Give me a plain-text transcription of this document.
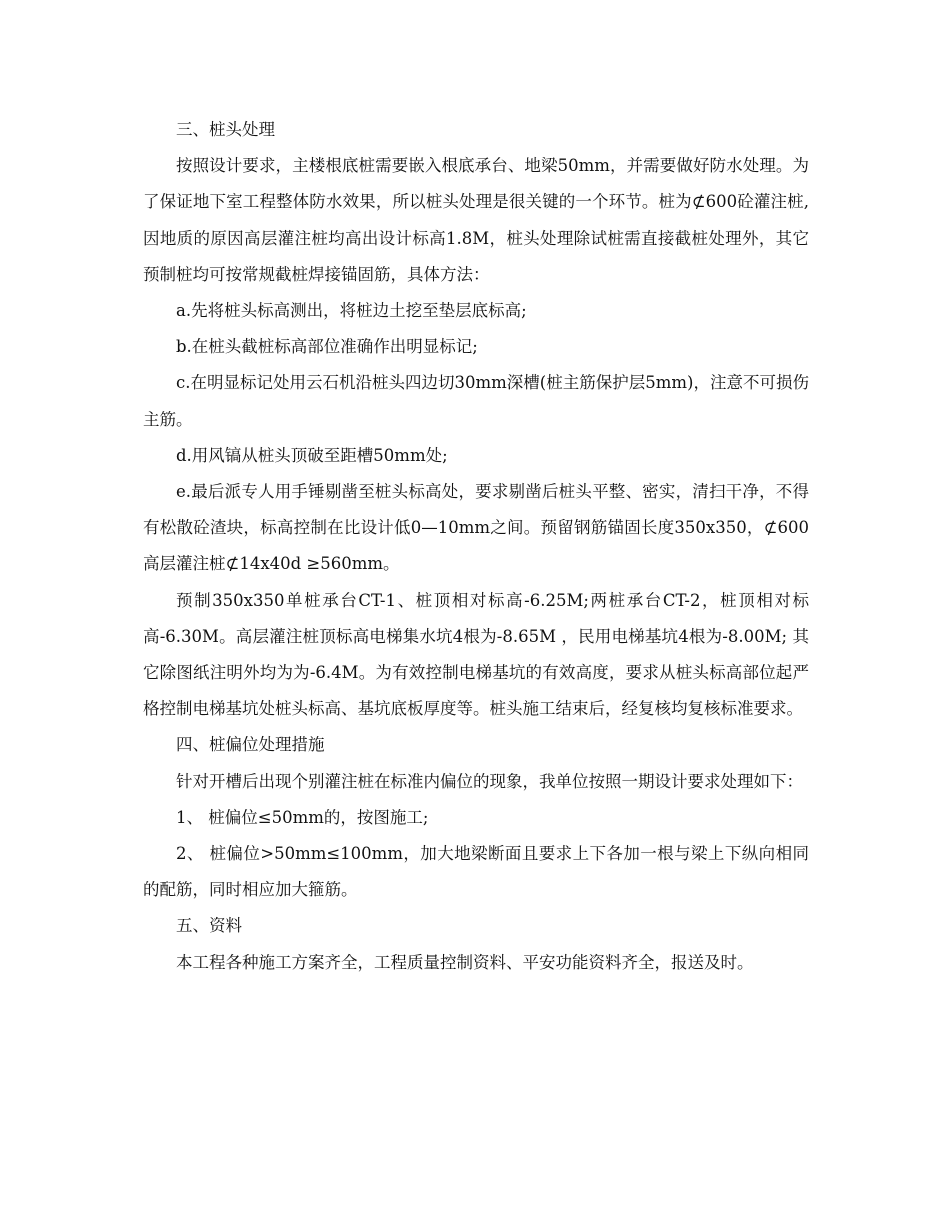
三、桩头处理

按照设计要求，主楼根底桩需要嵌入根底承台、地梁50mm，并需要做好防水处理。为了保证地下室工程整体防水效果，所以桩头处理是很关键的一个环节。桩为⊄600砼灌注桩,因地质的原因高层灌注桩均高出设计标高1.8M，桩头处理除试桩需直接截桩处理外，其它预制桩均可按常规截桩焊接锚固筋，具体方法：

a.先将桩头标高测出，将桩边土挖至垫层底标高;

b.在桩头截桩标高部位准确作出明显标记;

c.在明显标记处用云石机沿桩头四边切30mm深槽(桩主筋保护层5mm)，注意不可损伤主筋。

d.用风镐从桩头顶破至距槽50mm处;

e.最后派专人用手锤剔凿至桩头标高处，要求剔凿后桩头平整、密实，清扫干净，不得有松散砼渣块，标高控制在比设计低0—10mm之间。预留钢筋锚固长度350x350，⊄600高层灌注桩⊄14x40d ≥560mm。

预制350x350单桩承台CT-1、桩顶相对标高-6.25M;两桩承台CT-2，桩顶相对标高-6.30M。高层灌注桩顶标高电梯集水坑4根为-8.65M ，民用电梯基坑4根为-8.00M; 其它除图纸注明外均为为-6.4M。为有效控制电梯基坑的有效高度，要求从桩头标高部位起严格控制电梯基坑处桩头标高、基坑底板厚度等。桩头施工结束后，经复核均复核标准要求。

四、桩偏位处理措施

针对开槽后出现个别灌注桩在标准内偏位的现象，我单位按照一期设计要求处理如下：

1、 桩偏位≤50mm的，按图施工;

2、 桩偏位>50mm≤100mm，加大地梁断面且要求上下各加一根与梁上下纵向相同的配筋，同时相应加大箍筋。

五、资料

本工程各种施工方案齐全，工程质量控制资料、平安功能资料齐全，报送及时。
